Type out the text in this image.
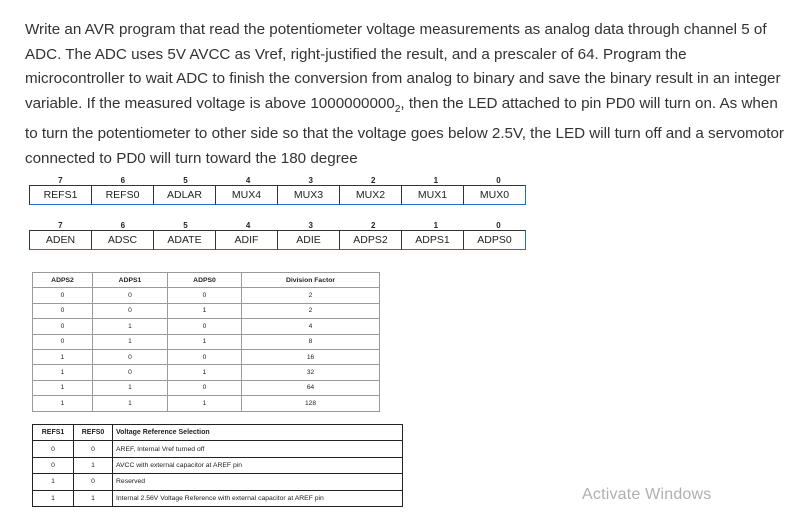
Write an AVR program that read the potentiometer voltage measurements as analog data through channel 5 of ADC. The ADC uses 5V AVCC as Vref, right-justified the result, and a prescaler of 64. Program the microcontroller to wait ADC to finish the conversion from analog to binary and save the binary result in an integer variable. If the measured voltage is above $1000000000_2$, then the LED attached to pin PD0 will turn on. As when to turn the potentiometer to other side so that the voltage goes below 2.5V, the LED will turn off and a servomotor connected to PD0 will turn toward the 180 degree
7	6	5	4	3	2	1	0
REFS1	REFS0	ADLAR	MUX4	MUX3	MUX2	MUX1	MUX0
7	6	5	4	3	2	1	0
ADEN	ADSC	ADATE	ADIF	ADIE	ADPS2	ADPS1	ADPS0
ADPS2	ADPS1	ADPS0	Division Factor
0	0	0	2
0	0	1	2
0	1	0	4
0	1	1	8
1	0	0	16
1	0	1	32
1	1	0	64
1	1	1	128
REFS1	REFS0	Voltage Reference Selection
0	0	AREF, Internal Vref turned off
0	1	AVCC with external capacitor at AREF pin
1	0	Reserved
1	1	Internal 2.56V Voltage Reference with external capacitor at AREF pin	Activate Windows
